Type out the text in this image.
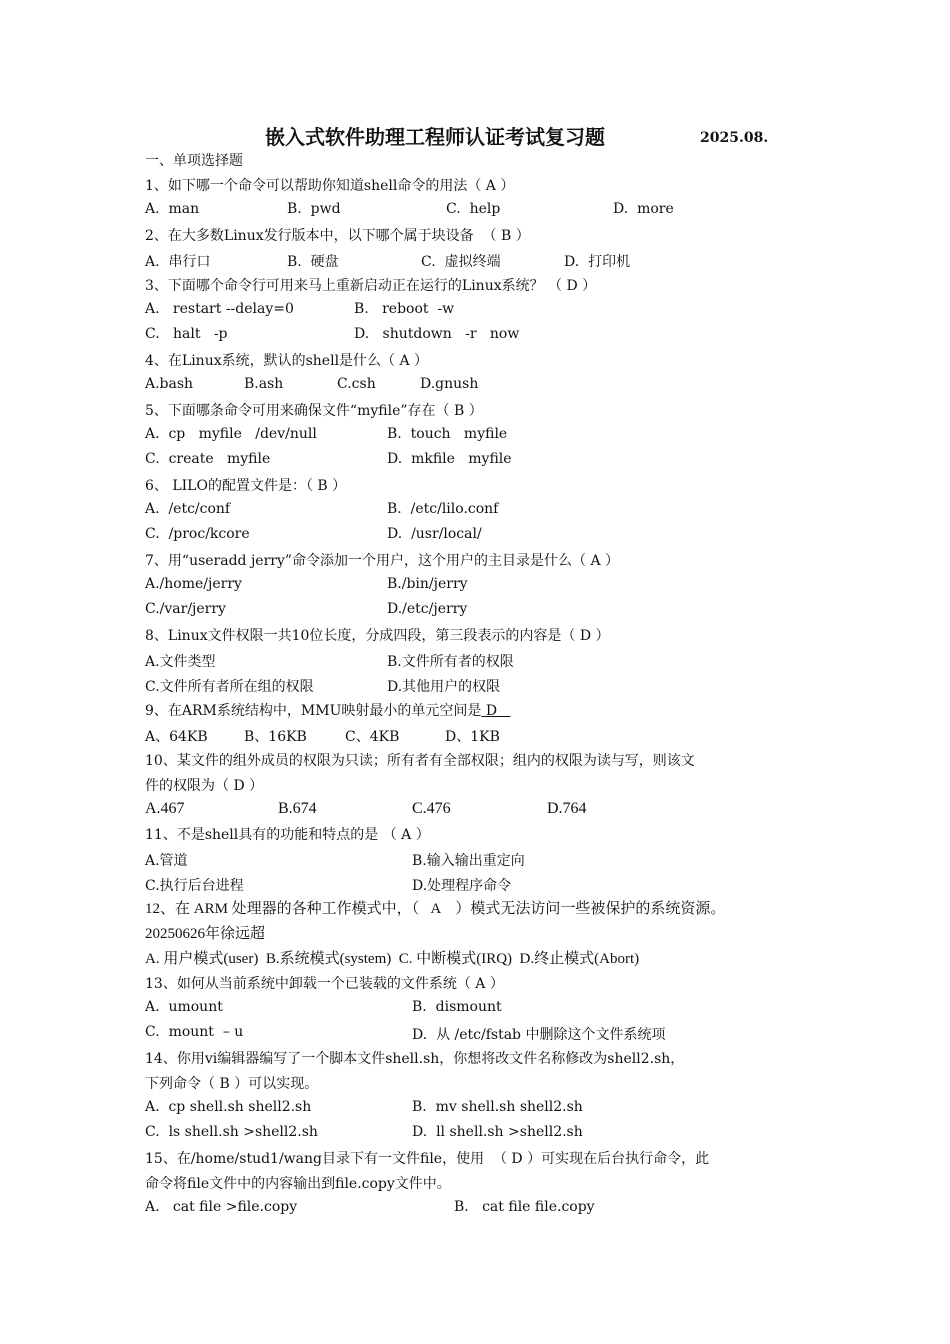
嵌入式软件助理工程师认证考试复习题	2025.08.
一、单项选择题
1、如下哪一个命令可以帮助你知道shell命令的用法（ A ）
A.  man	B.  pwd	C.  help	D.  more
2、在大多数Linux发行版本中，以下哪个属于块设备  （ B ）
A.  串行口	B.  硬盘	C.  虚拟终端	D.  打印机
3、下面哪个命令行可用来马上重新启动正在运行的Linux系统？ （ D ）
A.   restart --delay=0	B.   reboot  -w
C.   halt   -p	D.   shutdown   -r   now
4、在Linux系统，默认的shell是什么（ A ）
A.bash	B.ash	C.csh	D.gnush
5、下面哪条命令可用来确保文件“myfile”存在（ B ）
A.  cp   myfile   /dev/null	B.  touch   myfile
C.  create   myfile	D.  mkfile   myfile
6、 LILO的配置文件是：（ B ）
A.  /etc/conf	B.  /etc/lilo.conf
C.  /proc/kcore	D.  /usr/local/
7、用“useradd jerry”命令添加一个用户，这个用户的主目录是什么（ A ）
A./home/jerry	B./bin/jerry
C./var/jerry	D./etc/jerry
8、Linux文件权限一共10位长度，分成四段，第三段表示的内容是（ D ）
A.文件类型	B.文件所有者的权限
C.文件所有者所在组的权限	D.其他用户的权限
9、在ARM系统结构中，MMU映射最小的单元空间是 D
A、64KB	B、16KB	C、4KB	D、1KB
10、某文件的组外成员的权限为只读；所有者有全部权限；组内的权限为读与写，则该文
件的权限为（ D ）
A.467	B.674	C.476	D.764
11、不是shell具有的功能和特点的是 （ A ）
A.管道	B.输入输出重定向
C.执行后台进程	D.处理程序命令
12、在 ARM 处理器的各种工作模式中，（   A    ）模式无法访问一些被保护的系统资源。
20250626年徐远超
A. 用户模式(user)  B.系统模式(system)  C. 中断模式(IRQ)  D.终止模式(Abort)
13、如何从当前系统中卸载一个已装载的文件系统（ A ）
A.  umount	B.  dismount
C.  mount  – u	D.  从 /etc/fstab 中删除这个文件系统项
14、你用vi编辑器编写了一个脚本文件shell.sh，你想将改文件名称修改为shell2.sh，
下列命令（ B ）可以实现。
A.  cp shell.sh shell2.sh	B.  mv shell.sh shell2.sh
C.  ls shell.sh >shell2.sh	D.  ll shell.sh >shell2.sh
15、在/home/stud1/wang目录下有一文件file，使用  （ D ）可实现在后台执行命令，此
命令将file文件中的内容输出到file.copy文件中。
A.   cat file >file.copy	B.   cat file file.copy
